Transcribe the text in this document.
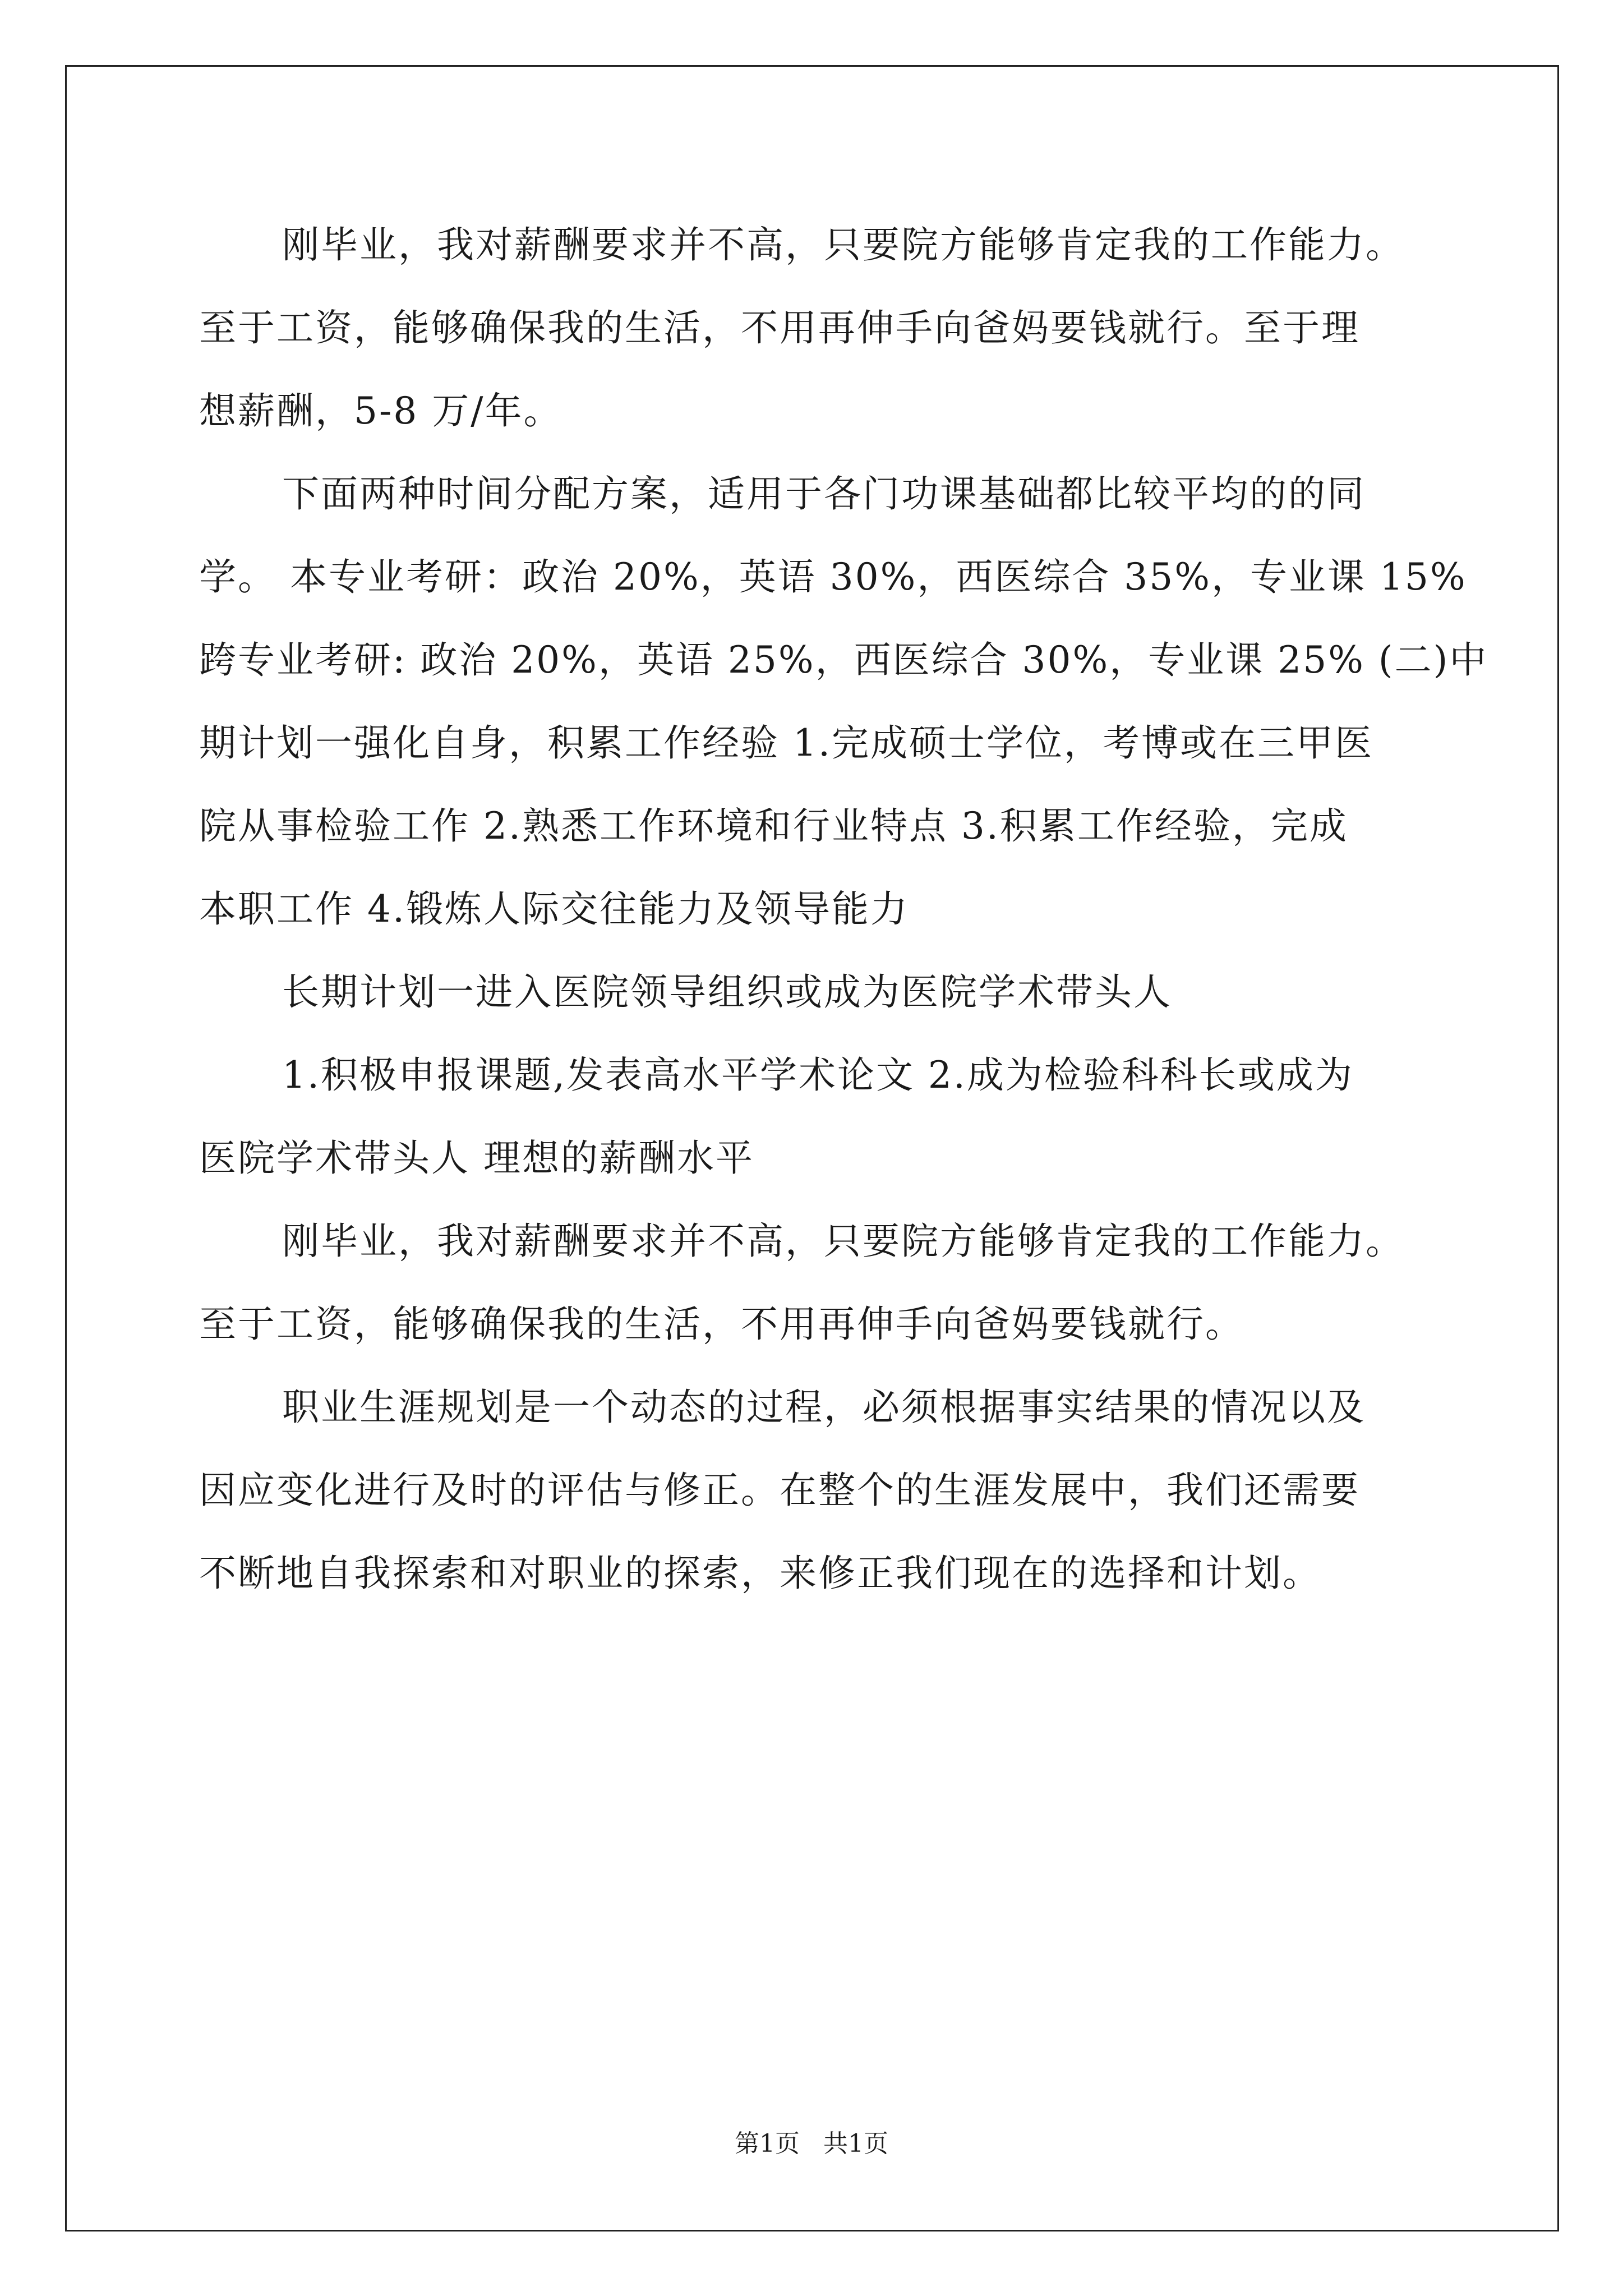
刚毕业，我对薪酬要求并不高，只要院方能够肯定我的工作能力。
至于工资，能够确保我的生活，不用再伸手向爸妈要钱就行。至于理
想薪酬，5-8 万/年。
下面两种时间分配方案，适用于各门功课基础都比较平均的的同
学。 本专业考研：政治 20%，英语 30%，西医综合 35%，专业课 15%
跨专业考研: 政治 20%，英语 25%，西医综合 30%，专业课 25% (二)中
期计划一强化自身，积累工作经验 1.完成硕士学位，考博或在三甲医
院从事检验工作 2.熟悉工作环境和行业特点 3.积累工作经验，完成
本职工作 4.锻炼人际交往能力及领导能力
长期计划一进入医院领导组织或成为医院学术带头人
1.积极申报课题,发表高水平学术论文 2.成为检验科科长或成为
医院学术带头人 理想的薪酬水平
刚毕业，我对薪酬要求并不高，只要院方能够肯定我的工作能力。
至于工资，能够确保我的生活，不用再伸手向爸妈要钱就行。
职业生涯规划是一个动态的过程，必须根据事实结果的情况以及
因应变化进行及时的评估与修正。在整个的生涯发展中，我们还需要
不断地自我探索和对职业的探索，来修正我们现在的选择和计划。
第1页   共1页
